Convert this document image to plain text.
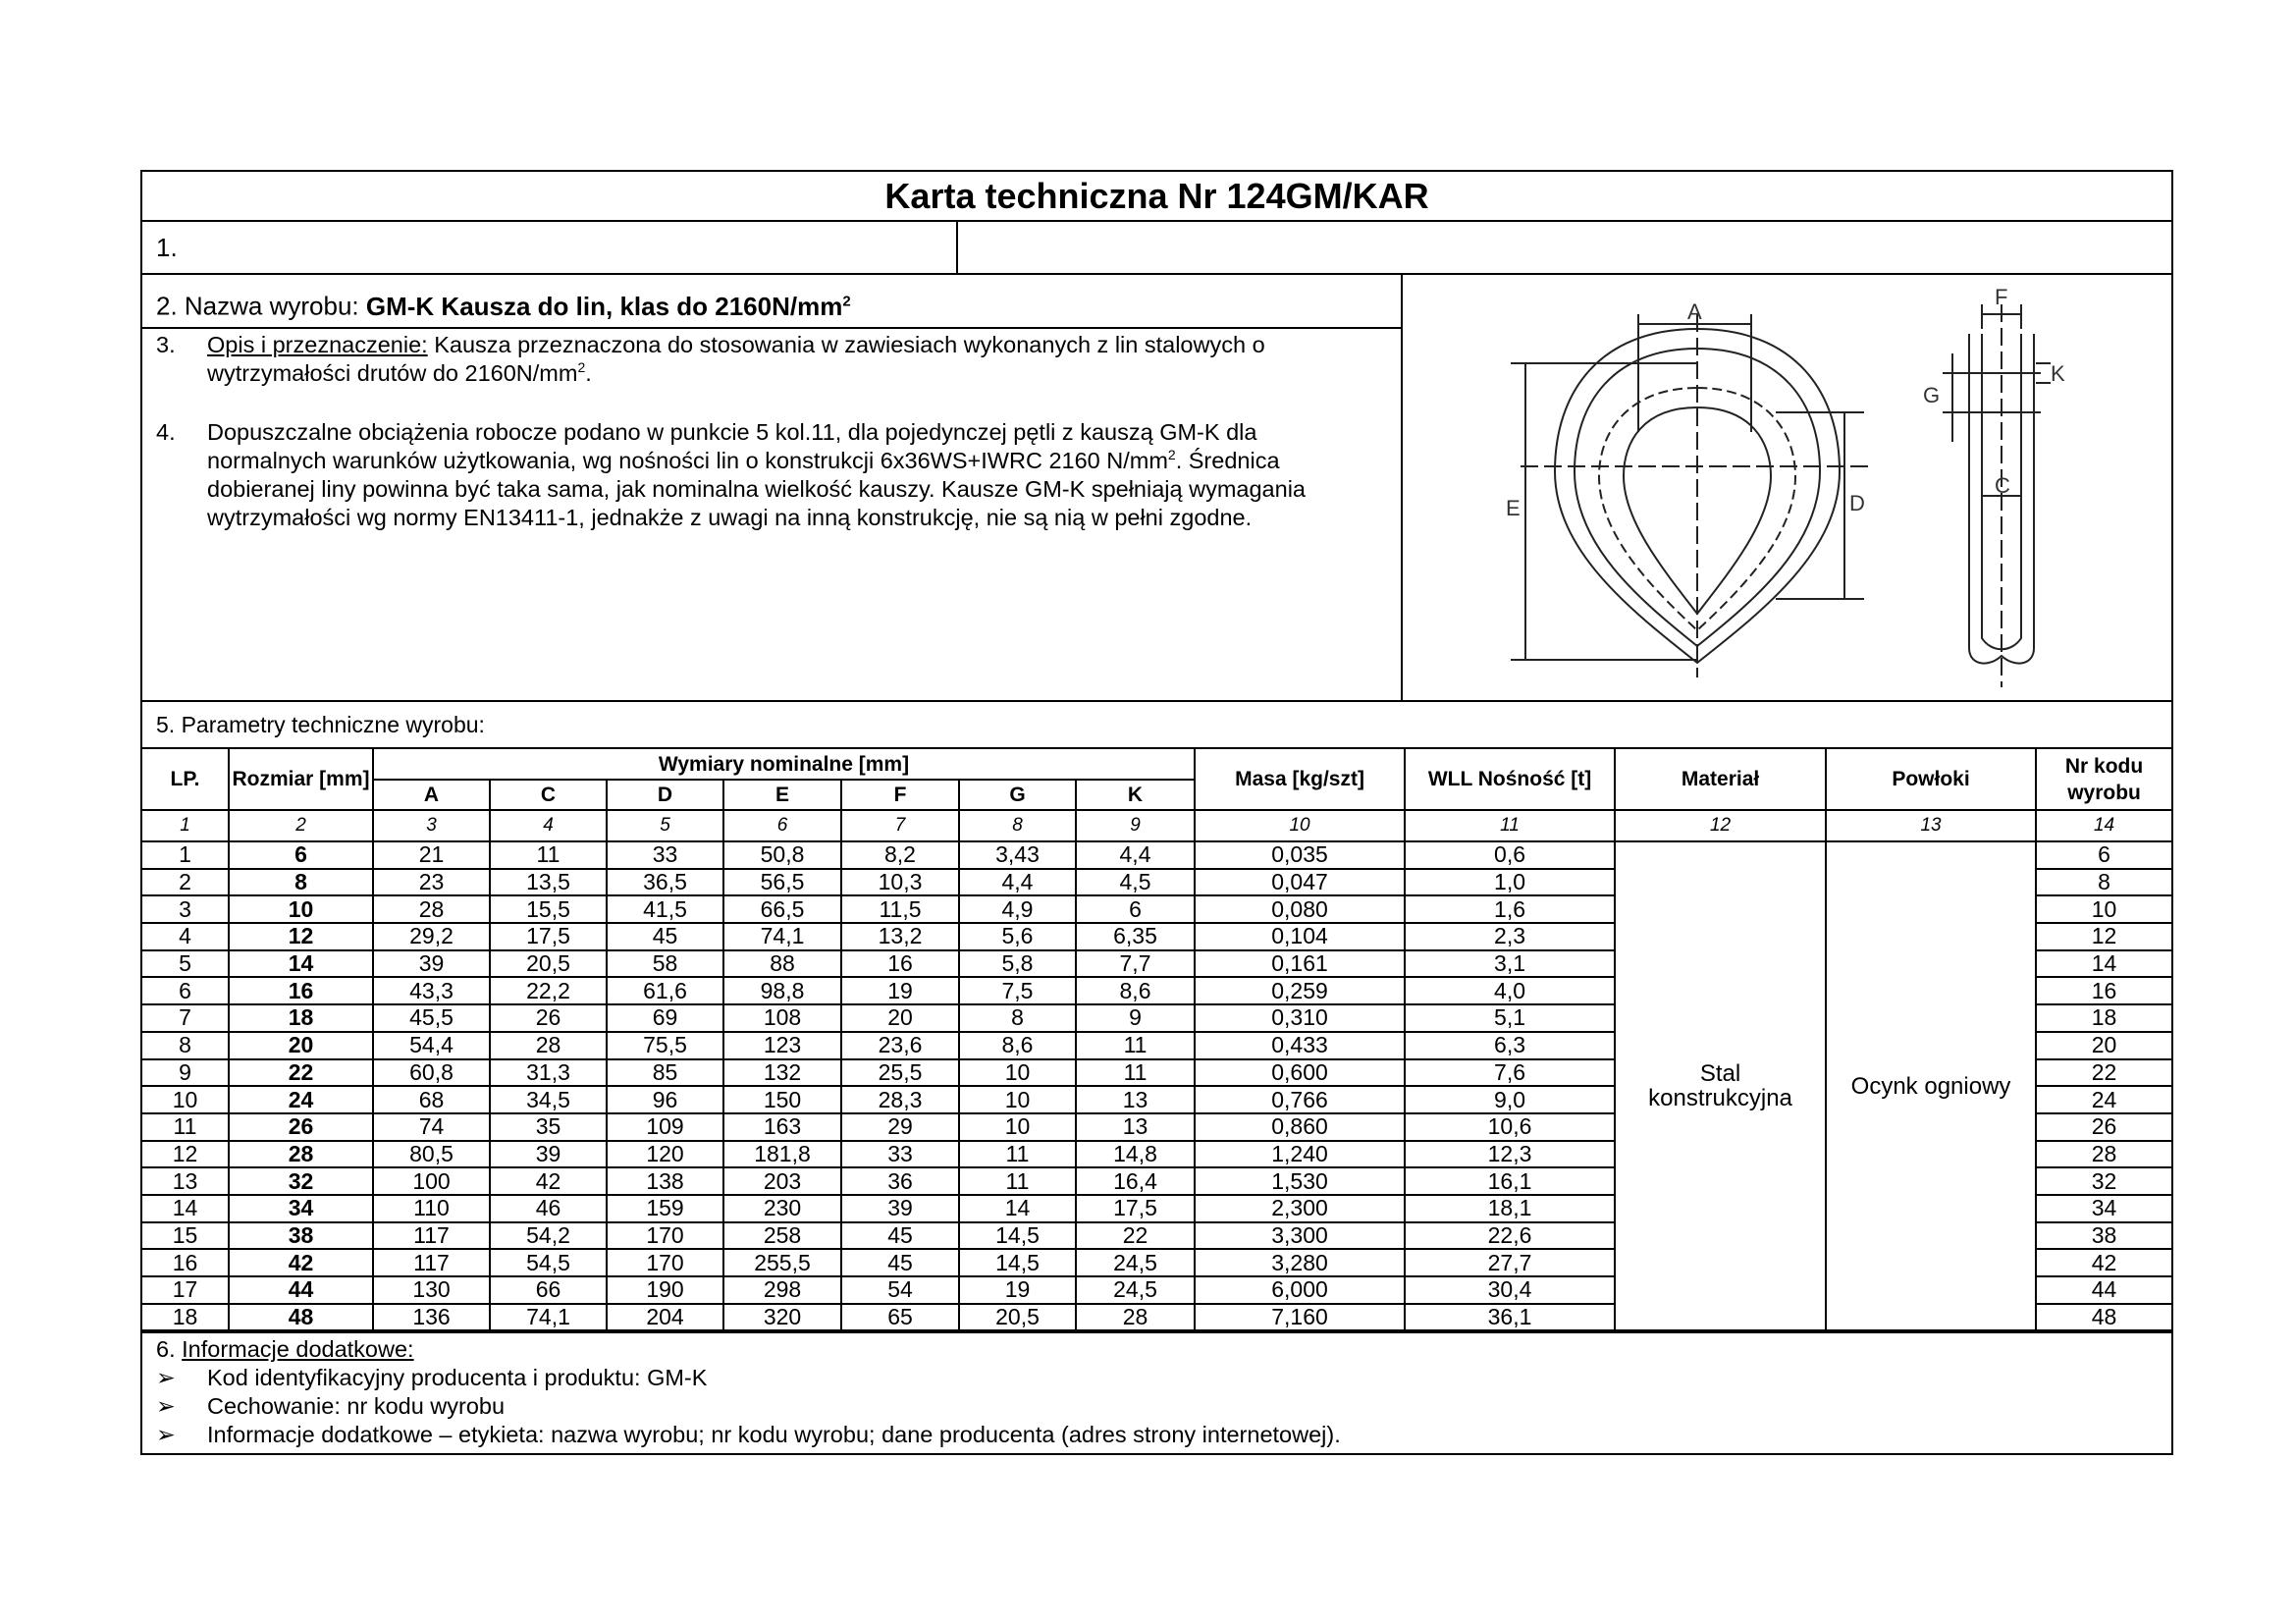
Karta techniczna Nr 124GM/KAR
1.
2. Nazwa wyrobu: GM-K Kausza do lin, klas do $2160N/mm^2$
3.	Opis i przeznaczenie: Kausza przeznaczona do stosowania w zawiesiach wykonanych z lin stalowych o wytrzymałości drutów do $2160N/mm^2$.
4.	Dopuszczalne obciążenia robocze podano w punkcie 5 kol.11, dla pojedynczej pętli z kauszą GM-K dla normalnych warunków użytkowania, wg nośności lin o konstrukcji 6x36WS+IWRC 2160 $N/mm^2$. Średnica dobieranej liny powinna być taka sama, jak nominalna wielkość kauszy. Kausze GM-K spełniają wymagania wytrzymałości wg normy EN13411-1, jednakże z uwagi na inną konstrukcję, nie są nią w pełni zgodne.
A
E	D
F
G
K
C
5. Parametry techniczne wyrobu:
LP.	Rozmiar [mm]	Wymiary nominalne [mm]							Masa [kg/szt]	WLL Nośność [t]	Materiał	Powłoki	Nr kodu wyrobu
		A	C	D	E	F	G	K					
1	2	3	4	5	6	7	8	9	10	11	12	13	14
1	6	21	11	33	50,8	8,2	3,43	4,4	0,035	0,6	Stal konstrukcyjna	Ocynk ogniowy	6
2	8	23	13,5	36,5	56,5	10,3	4,4	4,5	0,047	1,0			8
3	10	28	15,5	41,5	66,5	11,5	4,9	6	0,080	1,6			10
4	12	29,2	17,5	45	74,1	13,2	5,6	6,35	0,104	2,3			12
5	14	39	20,5	58	88	16	5,8	7,7	0,161	3,1			14
6	16	43,3	22,2	61,6	98,8	19	7,5	8,6	0,259	4,0			16
7	18	45,5	26	69	108	20	8	9	0,310	5,1			18
8	20	54,4	28	75,5	123	23,6	8,6	11	0,433	6,3			20
9	22	60,8	31,3	85	132	25,5	10	11	0,600	7,6			22
10	24	68	34,5	96	150	28,3	10	13	0,766	9,0			24
11	26	74	35	109	163	29	10	13	0,860	10,6			26
12	28	80,5	39	120	181,8	33	11	14,8	1,240	12,3			28
13	32	100	42	138	203	36	11	16,4	1,530	16,1			32
14	34	110	46	159	230	39	14	17,5	2,300	18,1			34
15	38	117	54,2	170	258	45	14,5	22	3,300	22,6			38
16	42	117	54,5	170	255,5	45	14,5	24,5	3,280	27,7			42
17	44	130	66	190	298	54	19	24,5	6,000	30,4			44
18	48	136	74,1	204	320	65	20,5	28	7,160	36,1			48
6. Informacje dodatkowe:
➢	Kod identyfikacyjny producenta i produktu: GM-K
➢	Cechowanie: nr kodu wyrobu
➢	Informacje dodatkowe – etykieta: nazwa wyrobu; nr kodu wyrobu; dane producenta (adres strony internetowej).
